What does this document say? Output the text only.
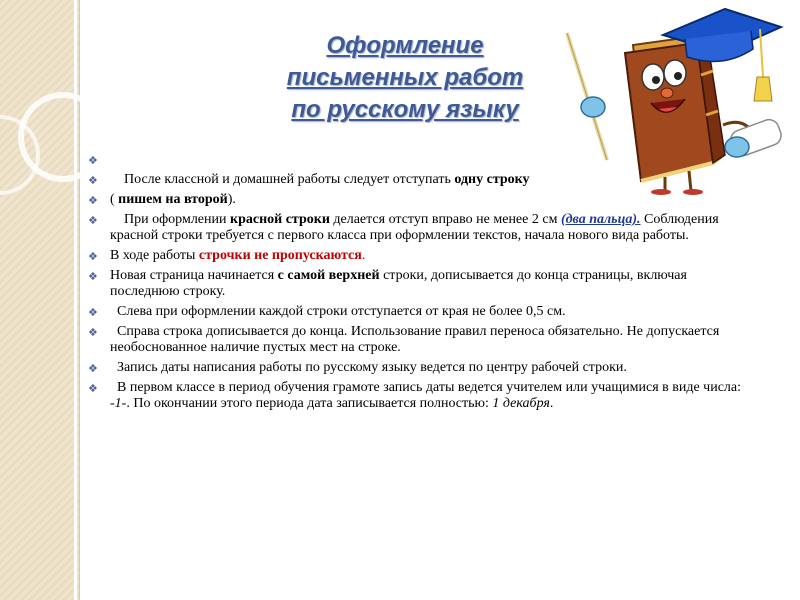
Оформление
письменных работ
по русскому языку
❖
❖ После классной и домашней работы следует отступать одну строку
❖ ( пишем на второй).
❖ При оформлении красной строки делается отступ вправо не менее 2 см (два пальца). Соблюдения красной строки требуется с первого класса при оформлении текстов, начала нового вида работы.
❖ В ходе работы строчки не пропускаются.
❖ Новая страница начинается с самой верхней строки, дописывается до конца страницы, включая последнюю строку.
❖ Слева при оформлении каждой строки отступается от края не более 0,5 см.
❖ Справа строка дописывается до конца. Использование правил переноса обязательно. Не допускается необоснованное наличие пустых мест на строке.
❖ Запись даты написания работы по русскому языку ведется по центру рабочей строки.
❖ В первом классе в период обучения грамоте запись даты ведется учителем или учащимися в виде числа: -1-. По окончании этого периода дата записывается полностью: 1 декабря.
